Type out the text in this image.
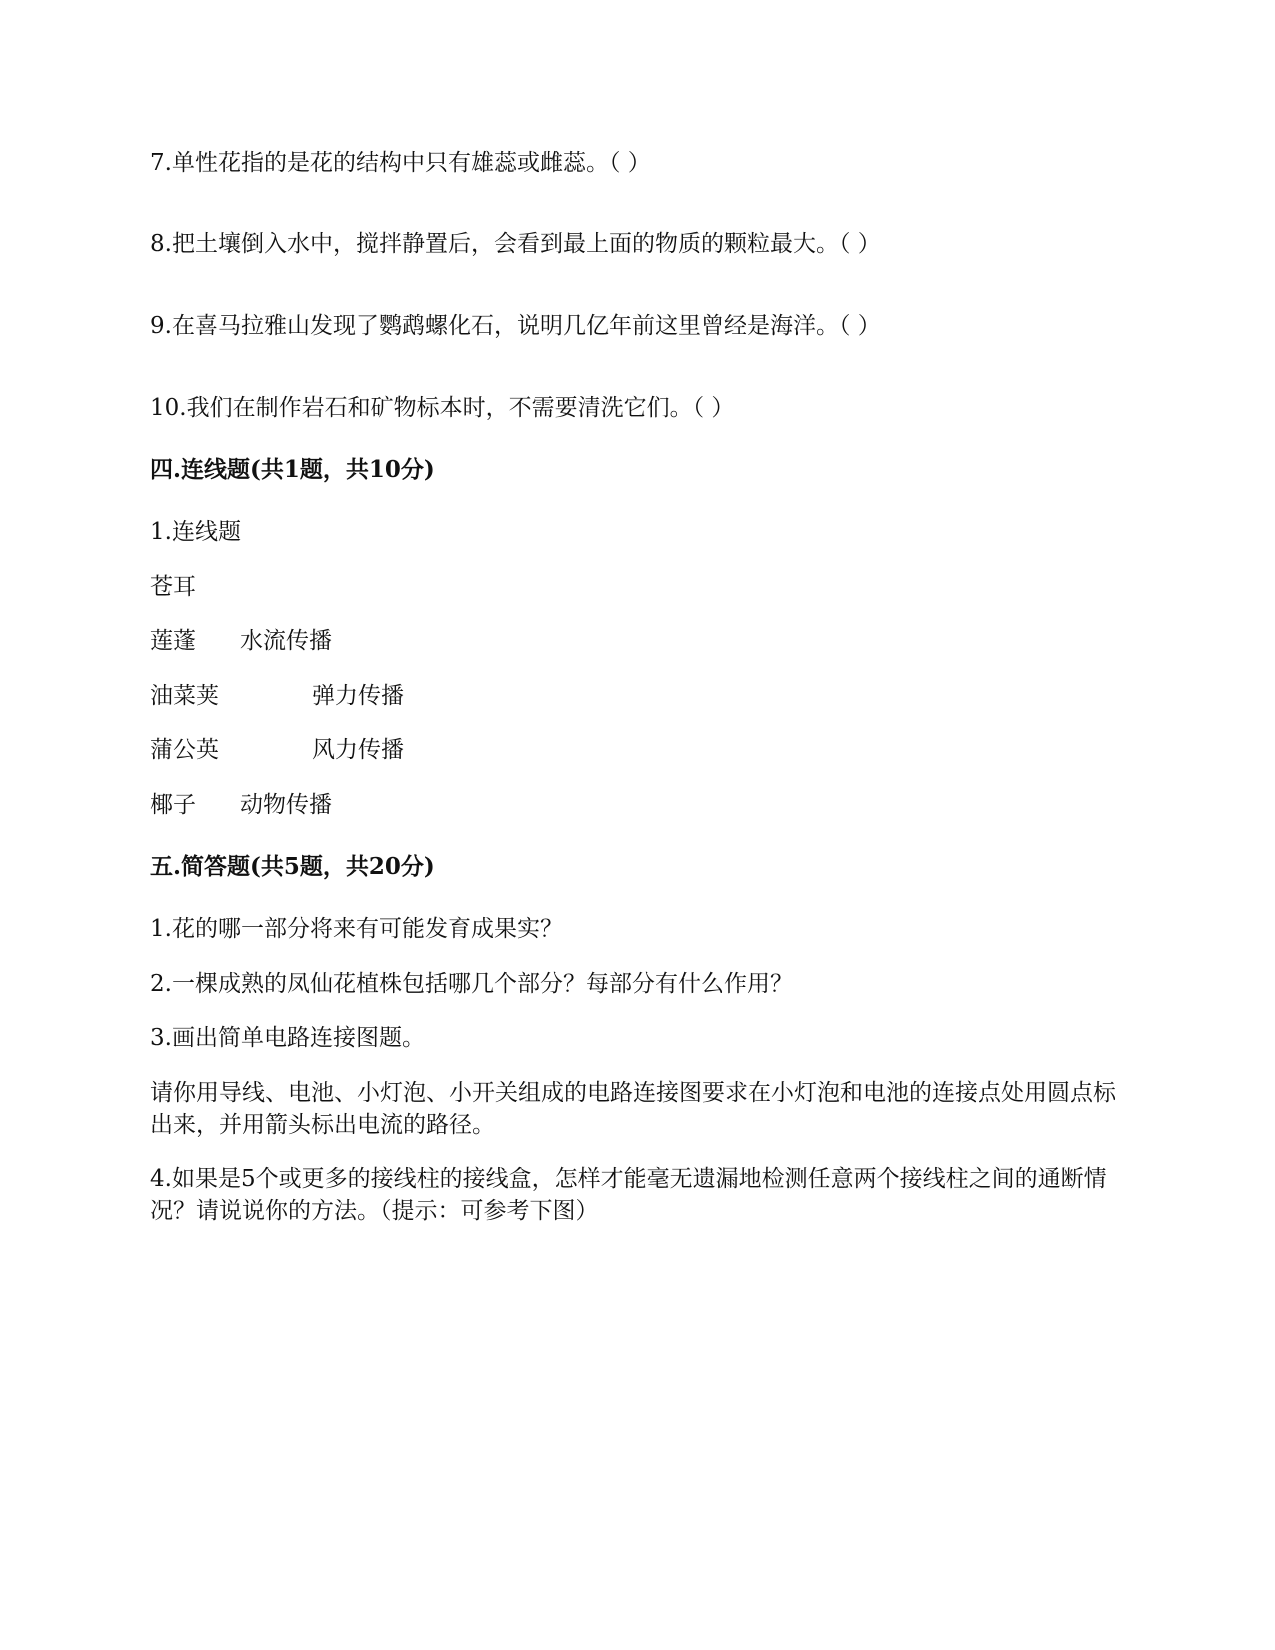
7.单性花指的是花的结构中只有雄蕊或雌蕊。（ ）
8.把土壤倒入水中，搅拌静置后，会看到最上面的物质的颗粒最大。（ ）
9.在喜马拉雅山发现了鹦鹉螺化石，说明几亿年前这里曾经是海洋。（ ）
10.我们在制作岩石和矿物标本时，不需要清洗它们。（ ）
四.连线题(共1题，共10分)
1.连线题
苍耳
莲蓬 水流传播
油菜荚	弹力传播
蒲公英	风力传播
椰子 动物传播
五.简答题(共5题，共20分)
1.花的哪一部分将来有可能发育成果实？
2.一棵成熟的凤仙花植株包括哪几个部分？每部分有什么作用？
3.画出简单电路连接图题。
请你用导线、电池、小灯泡、小开关组成的电路连接图要求在小灯泡和电池的连接点处用圆点标出来，并用箭头标出电流的路径。
4.如果是5个或更多的接线柱的接线盒，怎样才能毫无遗漏地检测任意两个接线柱之间的通断情况？请说说你的方法。（提示：可参考下图）
